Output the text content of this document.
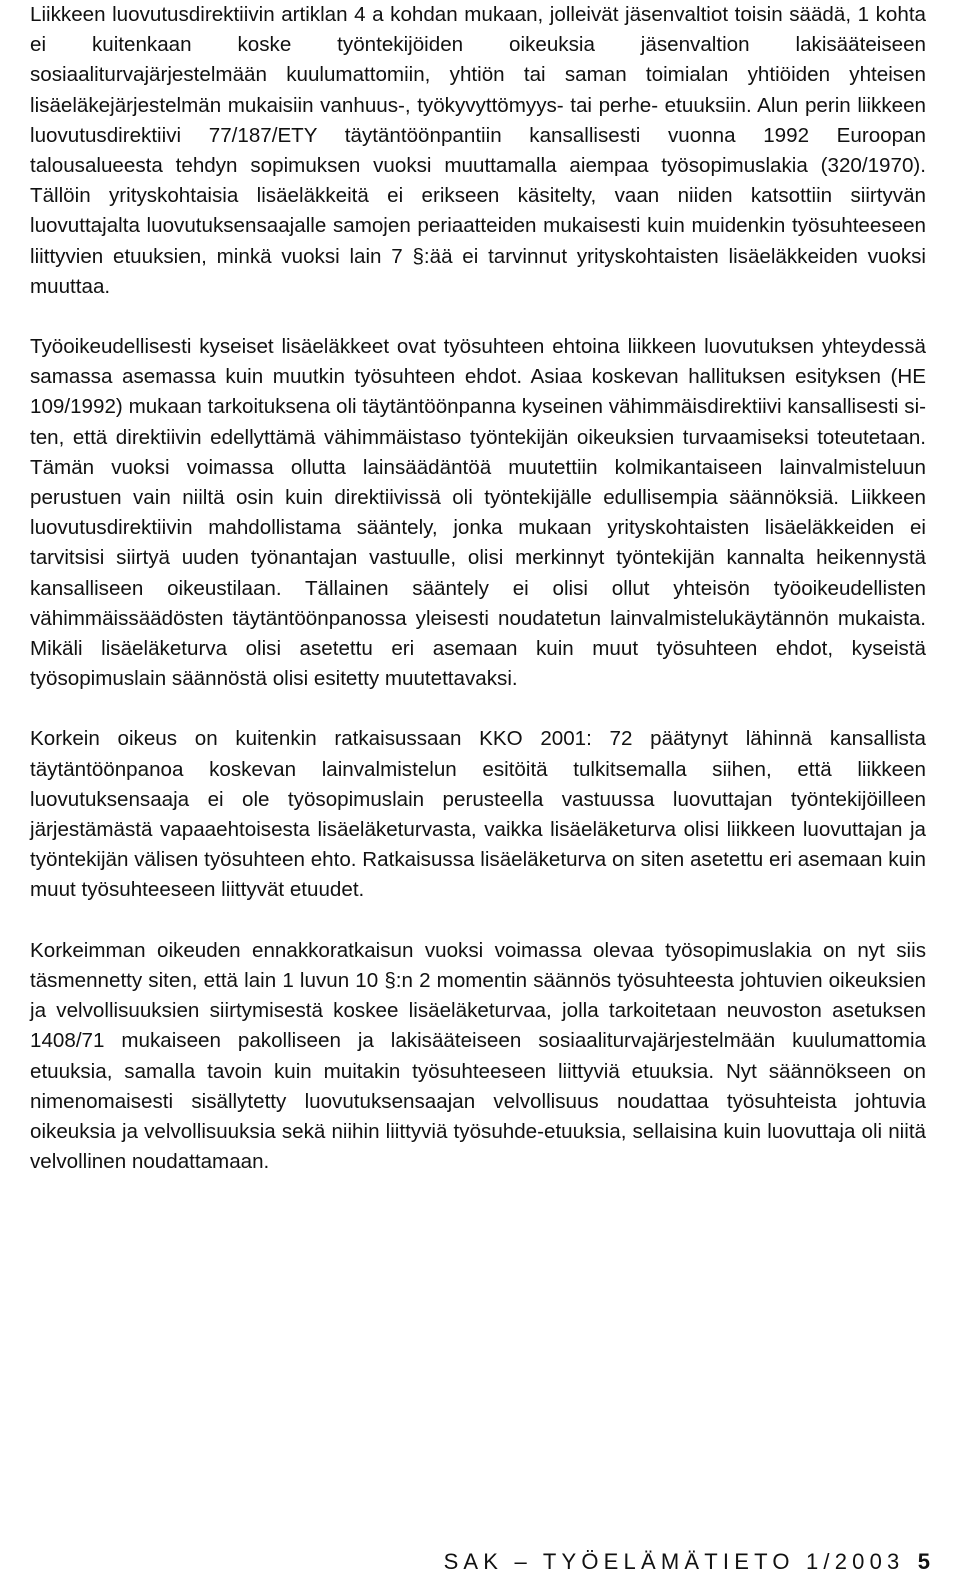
Liikkeen luovutusdirektiivin artiklan 4 a kohdan mukaan, jolleivät jäsenvaltiot toisin säädä, 1 kohta ei kuitenkaan koske työntekijöiden oikeuksia jäsenvaltion lakisääteiseen sosiaaliturvajärjestelmään kuulumattomiin, yhtiön tai saman toimialan yhtiöiden yhteisen lisäeläkejärjestelmän mukaisiin vanhuus-, työkyvyttömyys- tai perhe- etuuksiin. Alun perin liikkeen luovutusdirektiivi 77/187/ETY täytäntöönpantiin kansallisesti vuonna 1992 Euroopan talousalueesta tehdyn sopimuksen vuoksi muuttamalla aiempaa työsopimuslakia (320/1970). Tällöin yrityskohtaisia lisäeläkkeitä ei erikseen käsitelty, vaan niiden katsottiin siirtyvän luovuttajalta luovutuksensaajalle samojen periaatteiden mukaisesti kuin muidenkin työsuhteeseen liittyvien etuuksien, minkä vuoksi lain 7 §:ää ei tarvinnut yrityskohtaisten lisäeläkkeiden vuoksi muuttaa.

Työoikeudellisesti kyseiset lisäeläkkeet ovat työsuhteen ehtoina liikkeen luovutuksen yhteydessä samassa asemassa kuin muutkin työsuhteen ehdot. Asiaa koskevan hallituksen esityksen (HE 109/1992) mukaan tarkoituksena oli täytäntöönpanna kyseinen vähimmäisdirektiivi kansallisesti siten, että direktiivin edellyttämä vähimmäistaso työntekijän oikeuksien turvaamiseksi toteutetaan. Tämän vuoksi voimassa ollutta lainsäädäntöä muutettiin kolmikantaiseen lainvalmisteluun perustuen vain niiltä osin kuin direktiivissä oli työntekijälle edullisempia säännöksiä. Liikkeen luovutusdirektiivin mahdollistama sääntely, jonka mukaan yrityskohtaisten lisäeläkkeiden ei tarvitsisi siirtyä uuden työnantajan vastuulle, olisi merkinnyt työntekijän kannalta heikennystä kansalliseen oikeustilaan. Tällainen sääntely ei olisi ollut yhteisön työoikeudellisten vähimmäissäädösten täytäntöönpanossa yleisesti noudatetun lainvalmistelukäytännön mukaista. Mikäli lisäeläketurva olisi asetettu eri asemaan kuin muut työsuhteen ehdot, kyseistä työsopimuslain säännöstä olisi esitetty muutettavaksi.

Korkein oikeus on kuitenkin ratkaisussaan KKO 2001: 72 päätynyt lähinnä kansallista täytäntöönpanoa koskevan lainvalmistelun esitöitä tulkitsemalla siihen, että liikkeen luovutuksensaaja ei ole työsopimuslain perusteella vastuussa luovuttajan työntekijöilleen järjestämästä vapaaehtoisesta lisäeläketurvasta, vaikka lisäeläketurva olisi liikkeen luovuttajan ja työntekijän välisen työsuhteen ehto. Ratkaisussa lisäeläketurva on siten asetettu eri asemaan kuin muut työsuhteeseen liittyvät etuudet.

Korkeimman oikeuden ennakkoratkaisun vuoksi voimassa olevaa työsopimuslakia on nyt siis täsmennetty siten, että lain 1 luvun 10 §:n 2 momentin säännös työsuhteesta johtuvien oikeuksien ja velvollisuuksien siirtymisestä koskee lisäeläketurvaa, jolla tarkoitetaan neuvoston asetuksen 1408/71 mukaiseen pakolliseen ja lakisääteiseen sosiaaliturvajärjestelmään kuulumattomia etuuksia, samalla tavoin kuin muitakin työsuhteeseen liittyviä etuuksia. Nyt säännökseen on nimenomaisesti sisällytetty luovutuksensaajan velvollisuus noudattaa työsuhteista johtuvia oikeuksia ja velvollisuuksia sekä niihin liittyviä työsuhde-etuuksia, sellaisina kuin luovuttaja oli niitä velvollinen noudattamaan.

SAK – TYÖELÄMÄTIETO 1/2003 5
